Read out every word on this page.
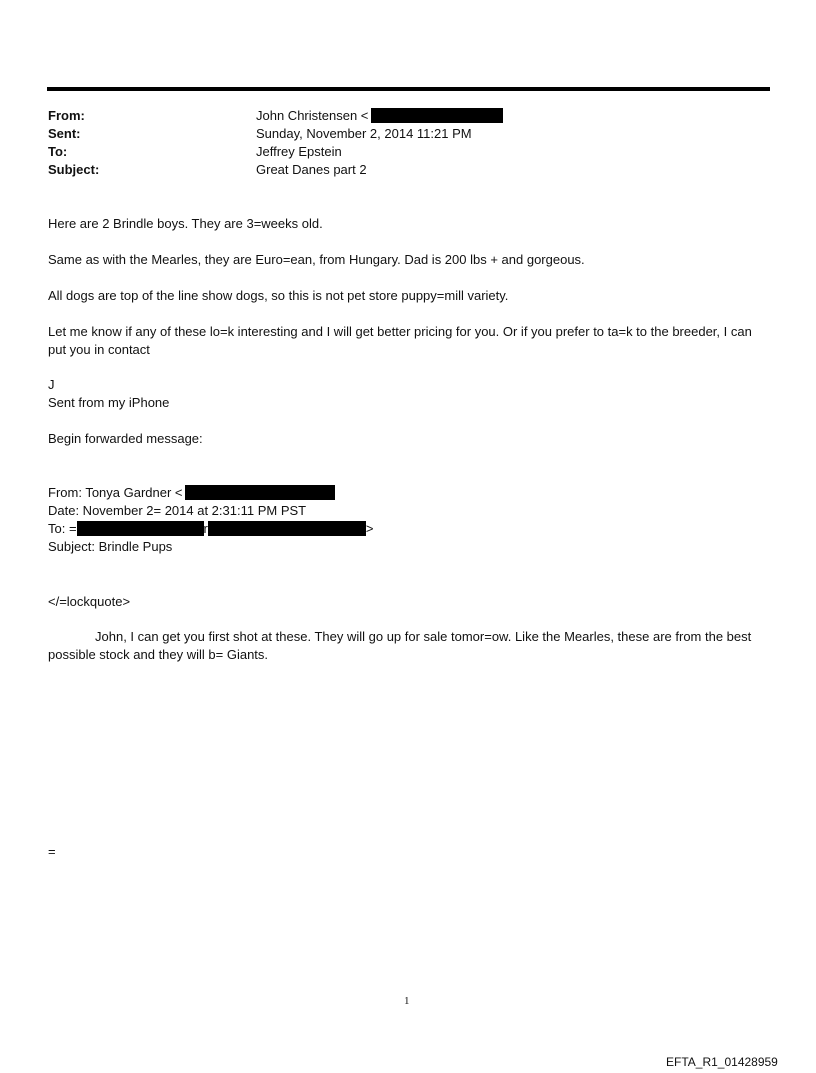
From:	John Christensen <
Sent:	Sunday, November 2, 2014 11:21 PM
To:	Jeffrey Epstein
Subject:	Great Danes part 2
Here are 2 Brindle boys. They are 3=weeks old.
Same as with the Mearles, they are Euro=ean, from Hungary. Dad is 200 lbs + and gorgeous.
All dogs are top of the line show dogs, so this is not pet store puppy=mill variety.
Let me know if any of these lo=k interesting and I will get better pricing for you. Or if you prefer to ta=k to the breeder, I can put you in contact
J
Sent from my iPhone
Begin forwarded message:
From: Tonya Gardner <
Date: November 2= 2014 at 2:31:11 PM PST
To: =	r	>
Subject: Brindle Pups
</=lockquote>
John, I can get you first shot at these. They will go up for sale tomor=ow. Like the Mearles, these are from the best possible stock and they will b= Giants.
=
1
EFTA_R1_01428959
